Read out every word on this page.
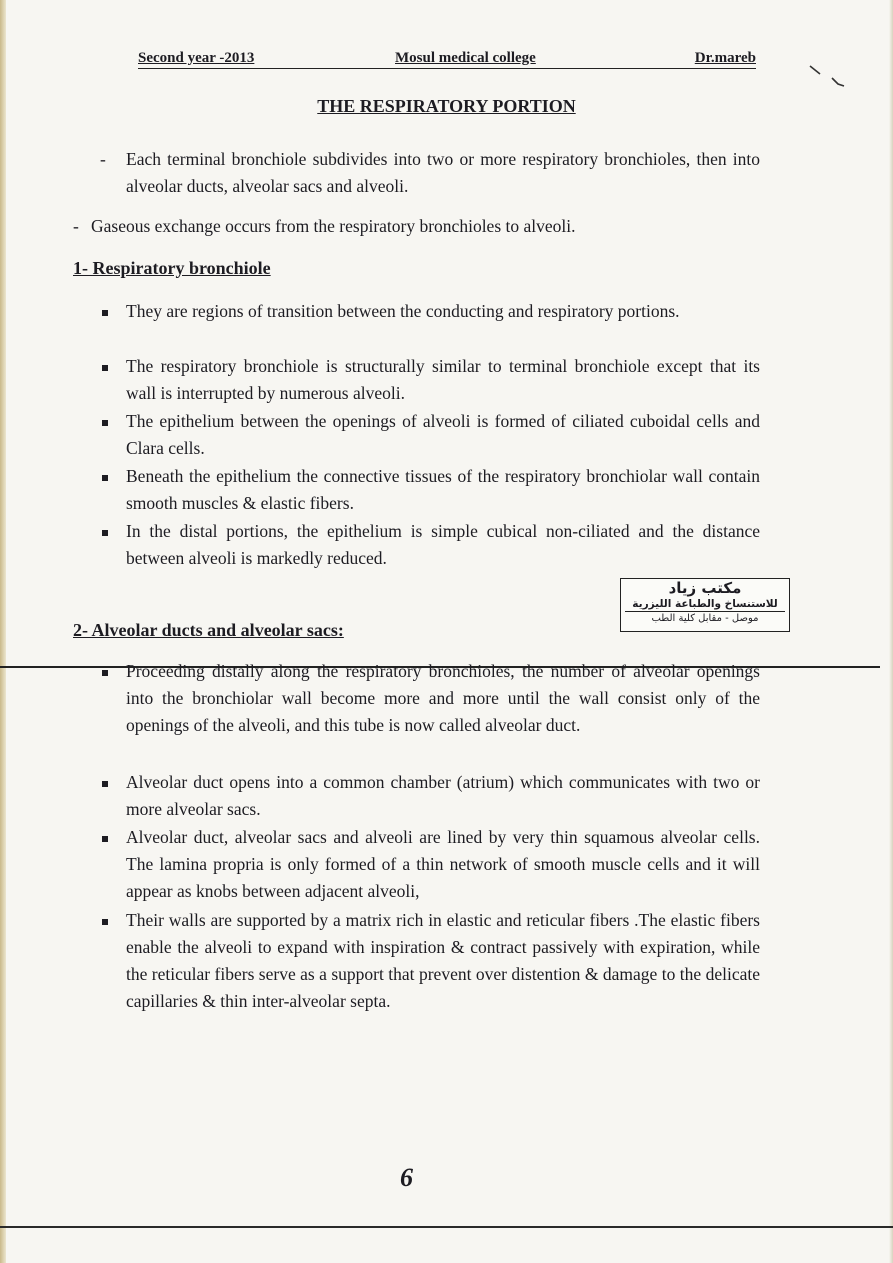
Second year -2013	Mosul medical college	Dr.mareb
THE RESPIRATORY PORTION
- Each terminal bronchiole subdivides into two or more respiratory bronchioles, then into alveolar ducts, alveolar sacs and alveoli.
- Gaseous exchange occurs from the respiratory bronchioles to alveoli.
1- Respiratory bronchiole
They are regions of transition between the conducting and respiratory portions.
The respiratory bronchiole is structurally similar to terminal bronchiole except that its wall is interrupted by numerous alveoli.
The epithelium between the openings of alveoli is formed of ciliated cuboidal cells and Clara cells.
Beneath the epithelium the connective tissues of the respiratory bronchiolar wall contain smooth muscles & elastic fibers.
In the distal portions, the epithelium is simple cubical non-ciliated and the distance between alveoli is markedly reduced.
مكتب زياد
للاستنساخ والطباعة الليزرية
موصل - مقابل كلية الطب
2- Alveolar ducts and alveolar sacs:
Proceeding distally along the respiratory bronchioles, the number of alveolar openings into the bronchiolar wall become more and more until the wall consist only of the openings of the alveoli, and this tube is now called alveolar duct.
Alveolar duct opens into a common chamber (atrium) which communicates with two or more alveolar sacs.
Alveolar duct, alveolar sacs and alveoli are lined by very thin squamous alveolar cells. The lamina propria is only formed of a thin network of smooth muscle cells and it will appear as knobs between adjacent alveoli,
Their walls are supported by a matrix rich in elastic and reticular fibers .The elastic fibers enable the alveoli to expand with inspiration & contract passively with expiration, while the reticular fibers serve as a support that prevent over distention & damage to the delicate capillaries & thin inter-alveolar septa.
6
